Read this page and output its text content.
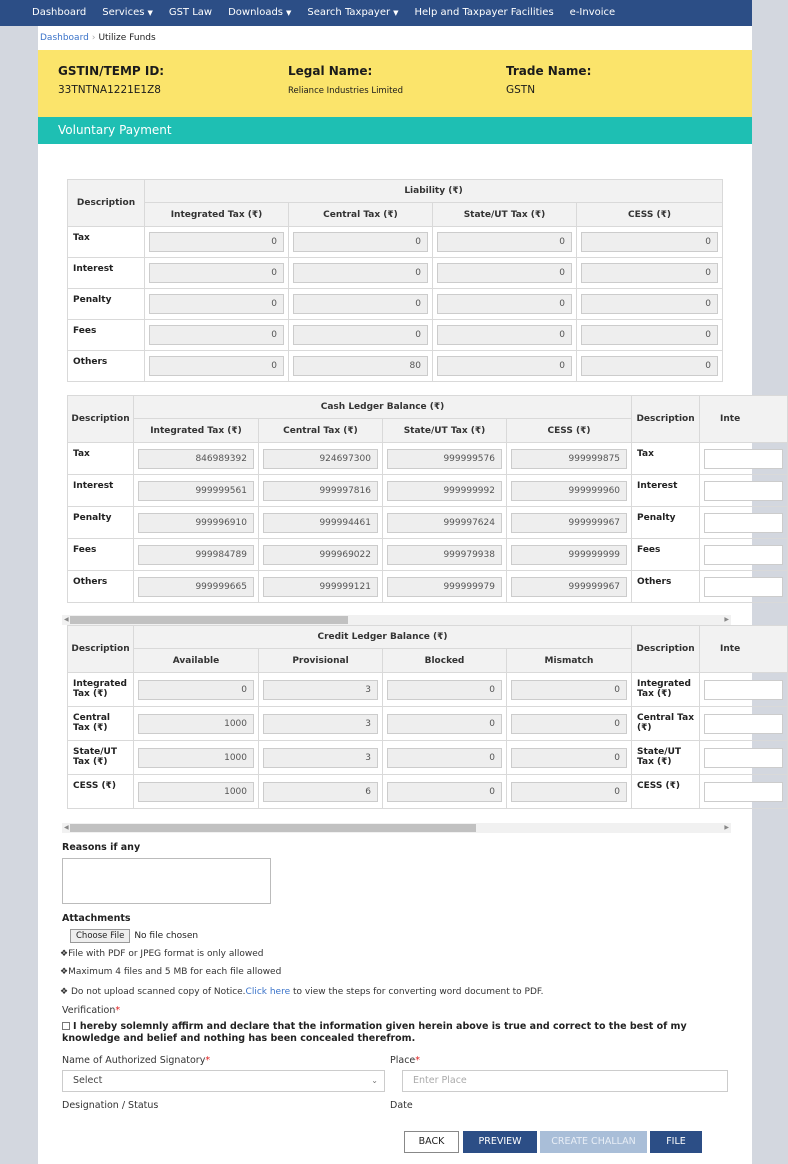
Dashboard	Services ▼	GST Law	Downloads ▼	Search Taxpayer ▼	Help and Taxpayer Facilities	e-Invoice
Dashboard › Utilize Funds
GSTIN/TEMP ID:
33TNTNA1221E1Z8
Legal Name:
Reliance Industries Limited
Trade Name:
GSTN
Voluntary Payment
Description	Liability (₹)			
	Integrated Tax (₹)	Central Tax (₹)	State/UT Tax (₹)	CESS (₹)
Tax	0	0	0	0

Interest	0	0	0	0

Penalty	0	0	0	0

Fees	0	0	0	0

Others	0	80	0	0
Description	Cash Ledger Balance (₹)				Description	Inte
	Integrated Tax (₹)	Central Tax (₹)	State/UT Tax (₹)	CESS (₹)		
Tax	846989392	924697300	999999576	999999875	Tax	

Interest	999999561	999997816	999999992	999999960	Interest	

Penalty	999996910	999994461	999997624	999999967	Penalty	

Fees	999984789	999969022	999979938	999999999	Fees	

Others	999999665	999999121	999999979	999999967	Others	
◀	▶
Description	Credit Ledger Balance (₹)				Description	Inte
	Available	Provisional	Blocked	Mismatch		
Integrated Tax (₹)	0	3	0	0	Integrated Tax (₹)	

Central Tax (₹)	1000	3	0	0	Central Tax (₹)	

State/UT Tax (₹)	1000	3	0	0	State/UT Tax (₹)	

CESS (₹)	1000	6	0	0	CESS (₹)	
◀	▶
Reasons if any
Attachments
Choose File	No file chosen
❖File with PDF or JPEG format is only allowed
❖Maximum 4 files and 5 MB for each file allowed
❖ Do not upload scanned copy of Notice.Click here to view the steps for converting word document to PDF.
Verification*
I hereby solemnly affirm and declare that the information given herein above is true and correct to the best of my knowledge and belief and nothing has been concealed therefrom.
Name of Authorized Signatory*
Select	⌄
Place*
Enter Place
Designation / Status	Date
BACK	PREVIEW	CREATE CHALLAN	FILE
